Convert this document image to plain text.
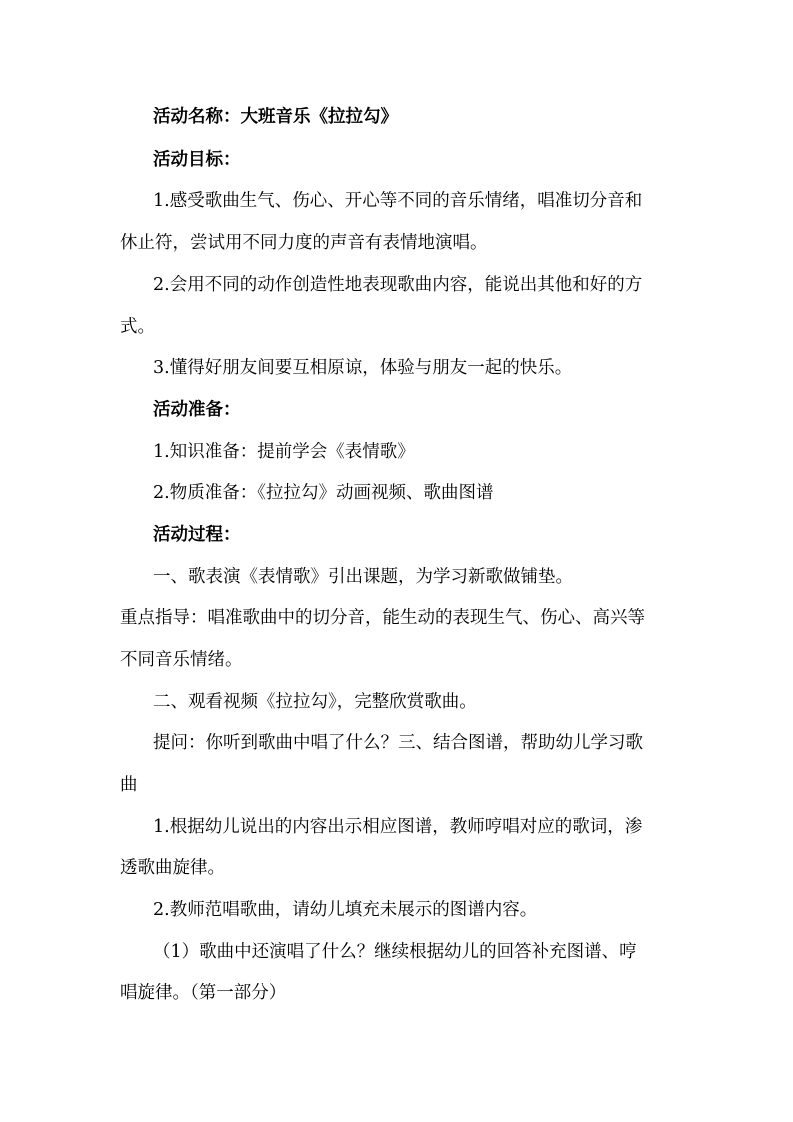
活动名称：大班音乐《拉拉勾》
活动目标：
1.感受歌曲生气、伤心、开心等不同的音乐情绪，唱准切分音和
休止符，尝试用不同力度的声音有表情地演唱。
2.会用不同的动作创造性地表现歌曲内容，能说出其他和好的方
式。
3.懂得好朋友间要互相原谅，体验与朋友一起的快乐。
活动准备：
1.知识准备：提前学会《表情歌》
2.物质准备：《拉拉勾》动画视频、歌曲图谱
活动过程：
一、歌表演《表情歌》引出课题，为学习新歌做铺垫。
重点指导：唱准歌曲中的切分音，能生动的表现生气、伤心、高兴等
不同音乐情绪。
二、观看视频《拉拉勾》，完整欣赏歌曲。
提问：你听到歌曲中唱了什么？三、结合图谱，帮助幼儿学习歌
曲
1.根据幼儿说出的内容出示相应图谱，教师哼唱对应的歌词，渗
透歌曲旋律。
2.教师范唱歌曲，请幼儿填充未展示的图谱内容。
（1）歌曲中还演唱了什么？继续根据幼儿的回答补充图谱、哼
唱旋律。（第一部分）
